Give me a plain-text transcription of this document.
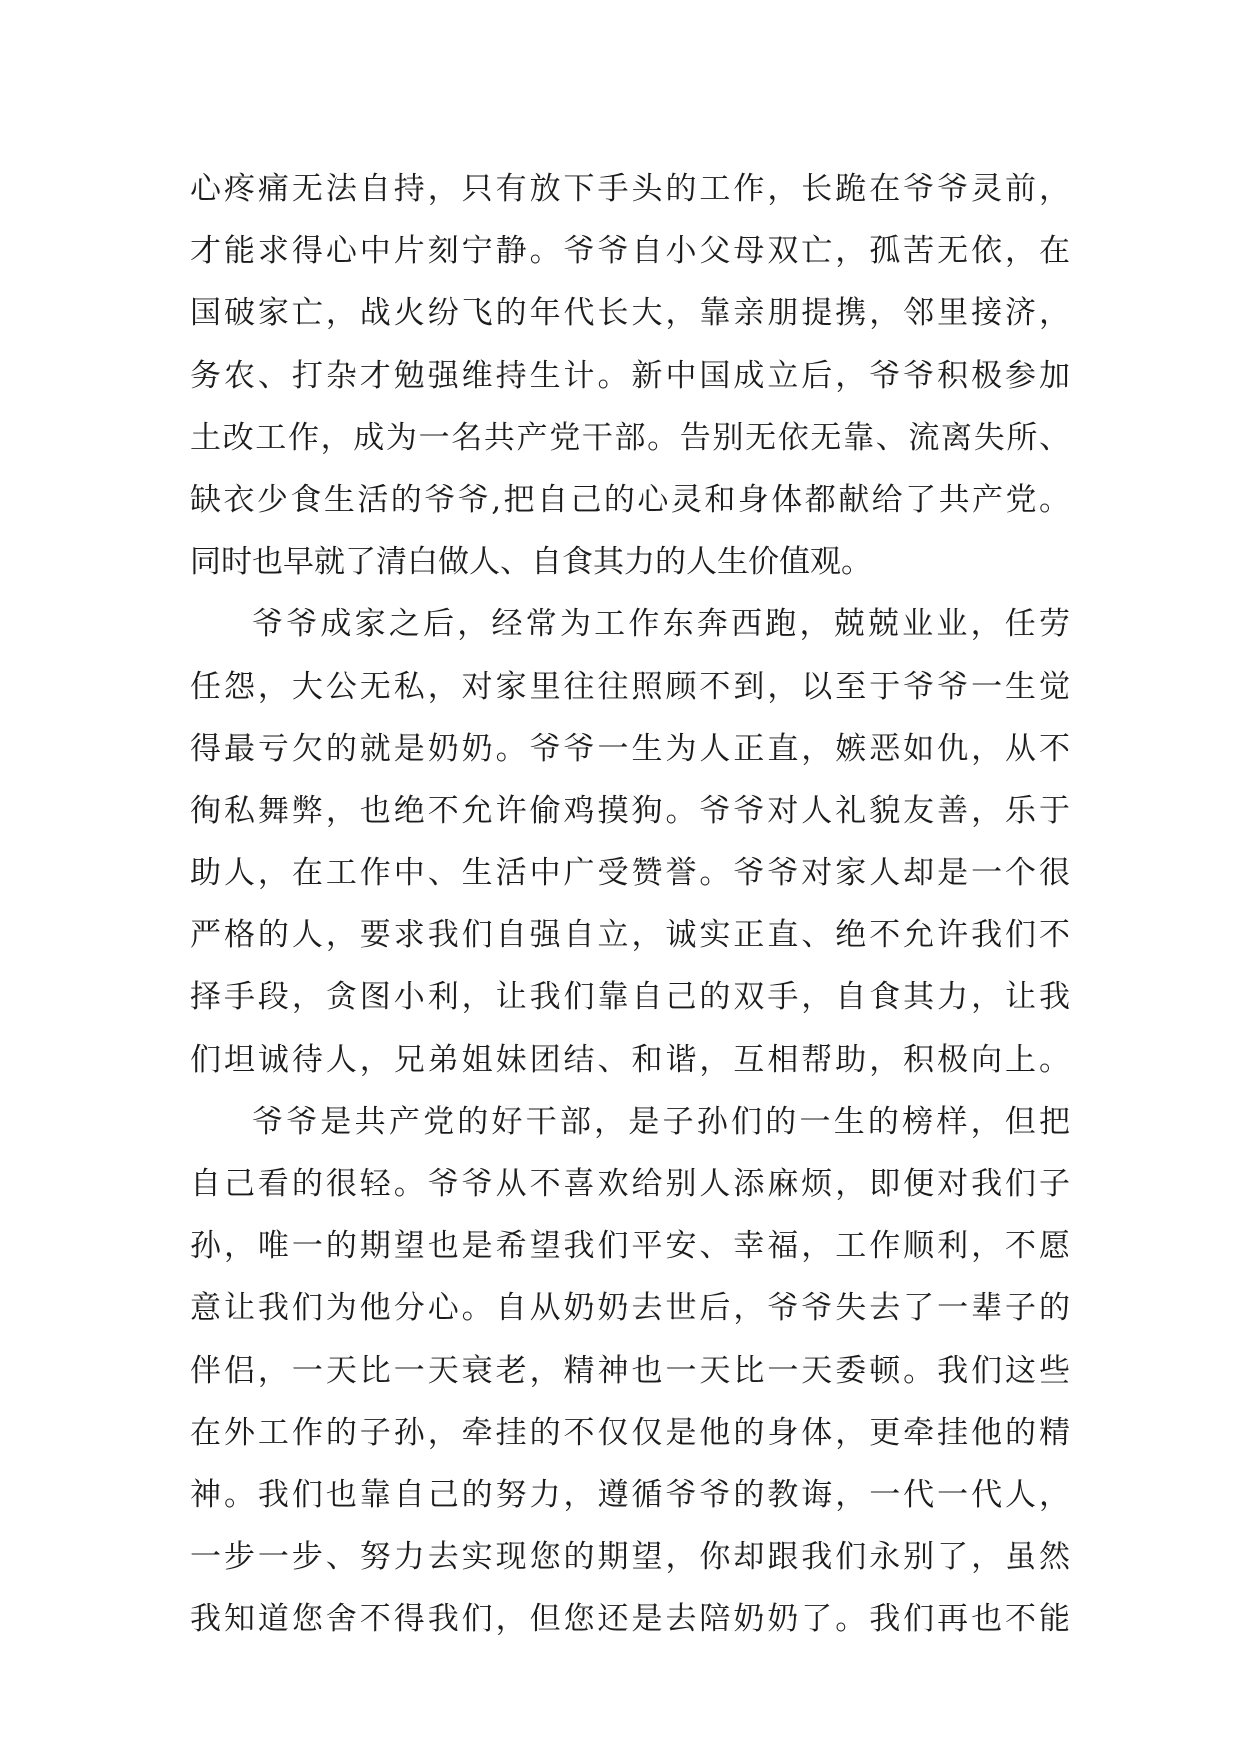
心疼痛无法自持，只有放下手头的工作，长跪在爷爷灵前，
才能求得心中片刻宁静。爷爷自小父母双亡，孤苦无依，在
国破家亡，战火纷飞的年代长大，靠亲朋提携，邻里接济，
务农、打杂才勉强维持生计。新中国成立后，爷爷积极参加
土改工作，成为一名共产党干部。告别无依无靠、流离失所、
缺衣少食生活的爷爷,把自己的心灵和身体都献给了共产党。
同时也早就了清白做人、自食其力的人生价值观。
爷爷成家之后，经常为工作东奔西跑，兢兢业业，任劳
任怨，大公无私，对家里往往照顾不到，以至于爷爷一生觉
得最亏欠的就是奶奶。爷爷一生为人正直，嫉恶如仇，从不
徇私舞弊，也绝不允许偷鸡摸狗。爷爷对人礼貌友善，乐于
助人，在工作中、生活中广受赞誉。爷爷对家人却是一个很
严格的人，要求我们自强自立，诚实正直、绝不允许我们不
择手段，贪图小利，让我们靠自己的双手，自食其力，让我
们坦诚待人，兄弟姐妹团结、和谐，互相帮助，积极向上。
爷爷是共产党的好干部，是子孙们的一生的榜样，但把
自己看的很轻。爷爷从不喜欢给别人添麻烦，即便对我们子
孙，唯一的期望也是希望我们平安、幸福，工作顺利，不愿
意让我们为他分心。自从奶奶去世后，爷爷失去了一辈子的
伴侣，一天比一天衰老，精神也一天比一天委顿。我们这些
在外工作的子孙，牵挂的不仅仅是他的身体，更牵挂他的精
神。我们也靠自己的努力，遵循爷爷的教诲，一代一代人，
一步一步、努力去实现您的期望，你却跟我们永别了，虽然
我知道您舍不得我们，但您还是去陪奶奶了。我们再也不能
